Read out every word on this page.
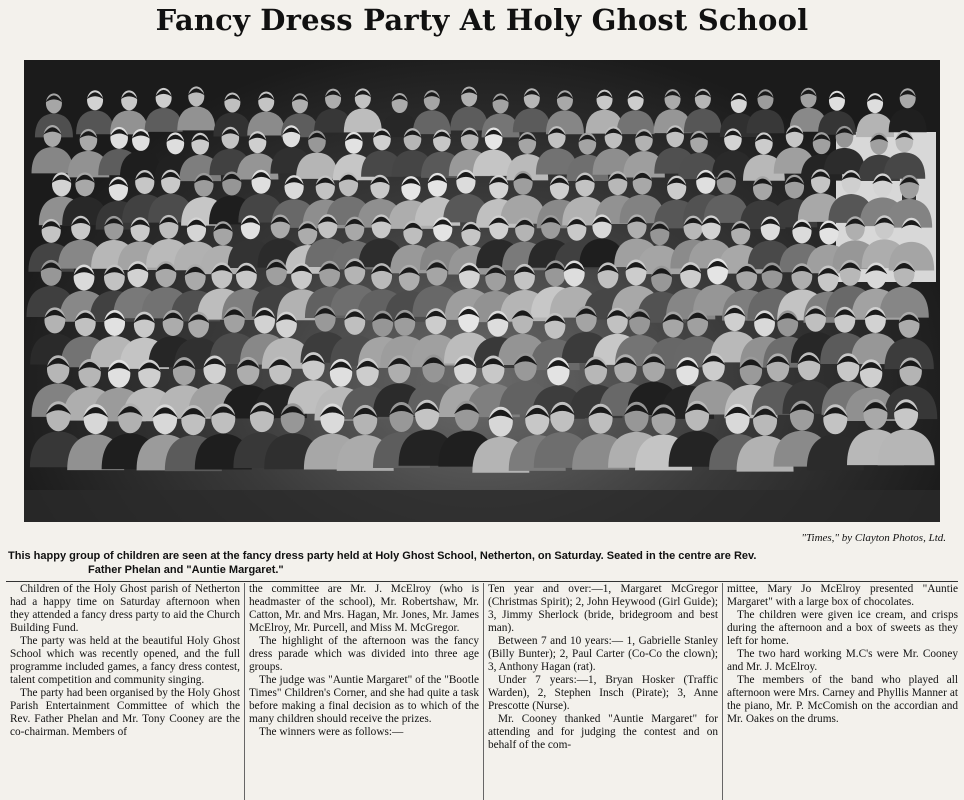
Fancy Dress Party At Holy Ghost School
"Times," by Clayton Photos, Ltd.
This happy group of children are seen at the fancy dress party held at Holy Ghost School, Netherton, on Saturday. Seated in the centre are Rev.
Father Phelan and "Auntie Margaret."

Children of the Holy Ghost parish of Netherton had a happy time on Saturday afternoon when they attended a fancy dress party to aid the Church Building Fund.

The party was held at the beautiful Holy Ghost School which was recently opened, and the full programme included games, a fancy dress contest, talent competition and community singing.

The party had been organised by the Holy Ghost Parish Entertainment Committee of which the Rev. Father Phelan and Mr. Tony Cooney are the co-chairman. Members of

the committee are Mr. J. McElroy (who is headmaster of the school), Mr. Robertshaw, Mr. Catton, Mr. and Mrs. Hagan, Mr. Jones, Mr. James McElroy, Mr. Purcell, and Miss M. McGregor.

The highlight of the afternoon was the fancy dress parade which was divided into three age groups.

The judge was "Auntie Margaret" of the "Bootle Times" Children's Corner, and she had quite a task before making a final decision as to which of the many children should receive the prizes.

The winners were as follows:—

Ten year and over:—1, Margaret McGregor (Christmas Spirit); 2, John Heywood (Girl Guide); 3, Jimmy Sherlock (bride, bridegroom and best man).

Between 7 and 10 years:— 1, Gabrielle Stanley (Billy Bunter); 2, Paul Carter (Co-Co the clown); 3, Anthony Hagan (rat).

Under 7 years:—1, Bryan Hosker (Traffic Warden), 2, Stephen Insch (Pirate); 3, Anne Prescotte (Nurse).

Mr. Cooney thanked "Auntie Margaret" for attending and for judging the contest and on behalf of the com-

mittee, Mary Jo McElroy presented "Auntie Margaret" with a large box of chocolates.

The children were given ice cream, and crisps during the afternoon and a box of sweets as they left for home.

The two hard working M.C's were Mr. Cooney and Mr. J. McElroy.

The members of the band who played all afternoon were Mrs. Carney and Phyllis Manner at the piano, Mr. P. McComish on the accordian and Mr. Oakes on the drums.
